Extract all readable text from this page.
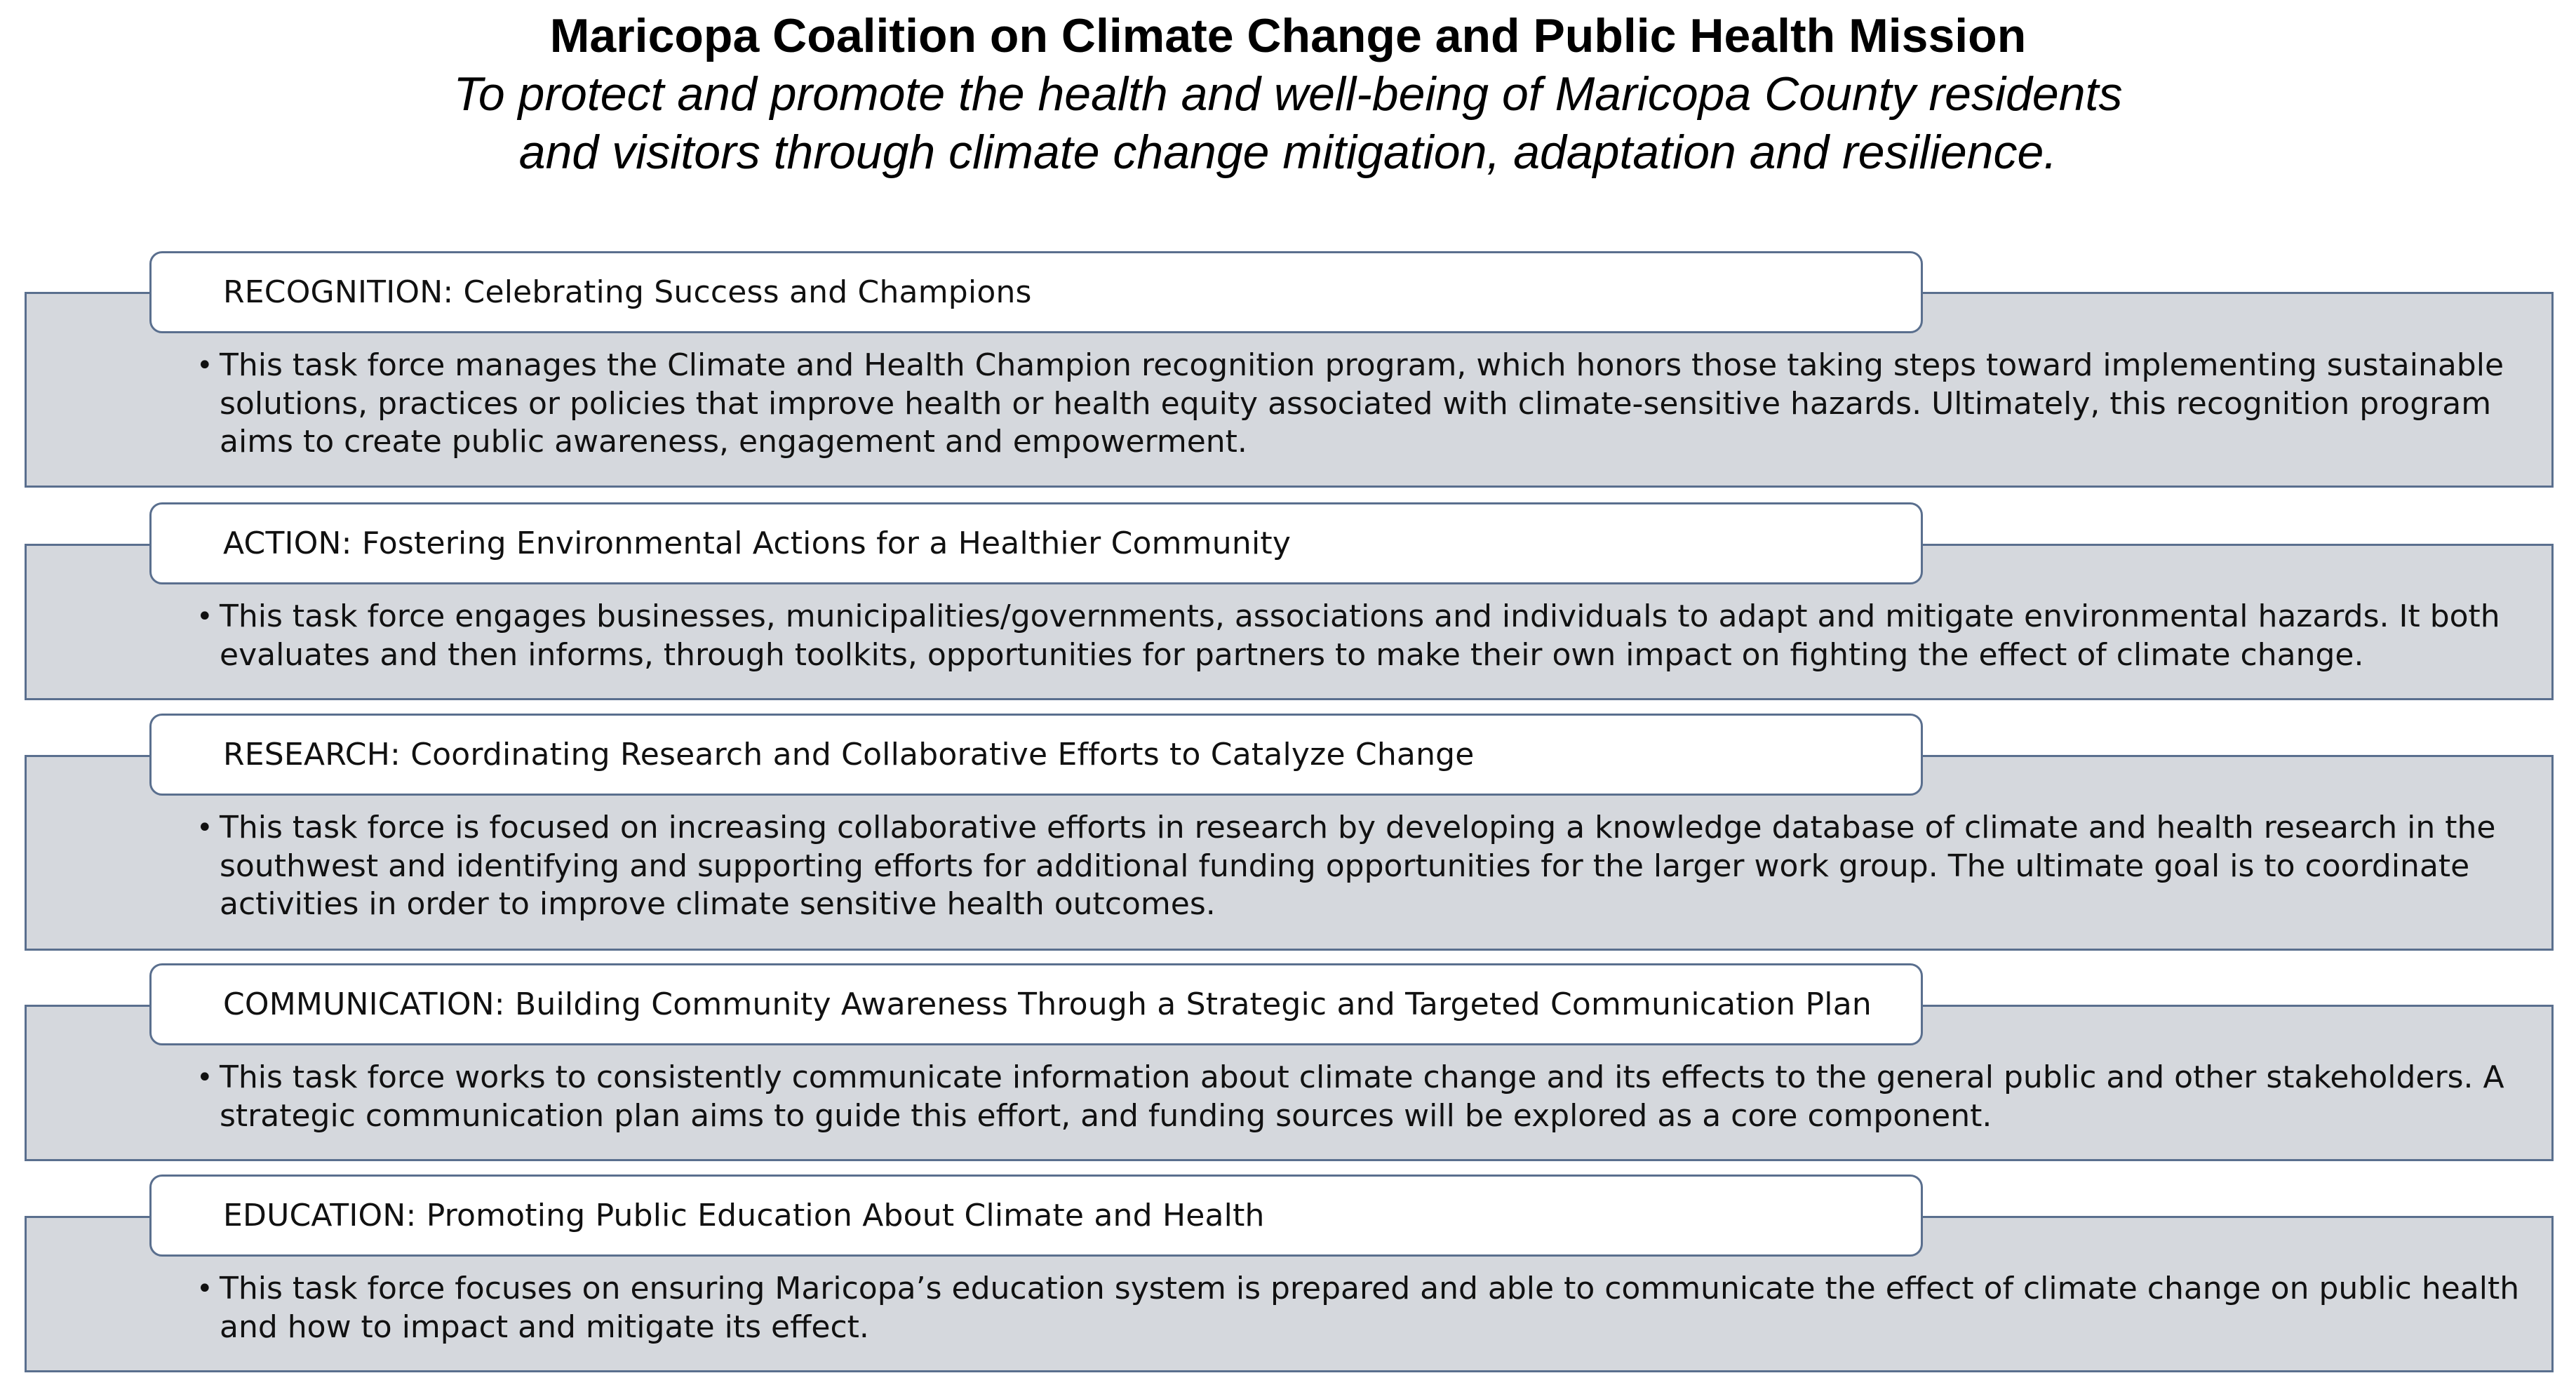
Maricopa Coalition on Climate Change and Public Health Mission
To protect and promote the health and well-being of Maricopa County residents
and visitors through climate change mitigation, adaptation and resilience.
RECOGNITION: Celebrating Success and Champions
• This task force manages the Climate and Health Champion recognition program, which honors those taking steps toward implementing sustainable
solutions, practices or policies that improve health or health equity associated with climate-sensitive hazards. Ultimately, this recognition program
aims to create public awareness, engagement and empowerment.
ACTION: Fostering Environmental Actions for a Healthier Community
• This task force engages businesses, municipalities/governments, associations and individuals to adapt and mitigate environmental hazards. It both
evaluates and then informs, through toolkits, opportunities for partners to make their own impact on fighting the effect of climate change.
RESEARCH: Coordinating Research and Collaborative Efforts to Catalyze Change
• This task force is focused on increasing collaborative efforts in research by developing a knowledge database of climate and health research in the
southwest and identifying and supporting efforts for additional funding opportunities for the larger work group. The ultimate goal is to coordinate
activities in order to improve climate sensitive health outcomes.
COMMUNICATION: Building Community Awareness Through a Strategic and Targeted Communication Plan
• This task force works to consistently communicate information about climate change and its effects to the general public and other stakeholders. A
strategic communication plan aims to guide this effort, and funding sources will be explored as a core component.
EDUCATION: Promoting Public Education About Climate and Health
• This task force focuses on ensuring Maricopa’s education system is prepared and able to communicate the effect of climate change on public health
and how to impact and mitigate its effect.
